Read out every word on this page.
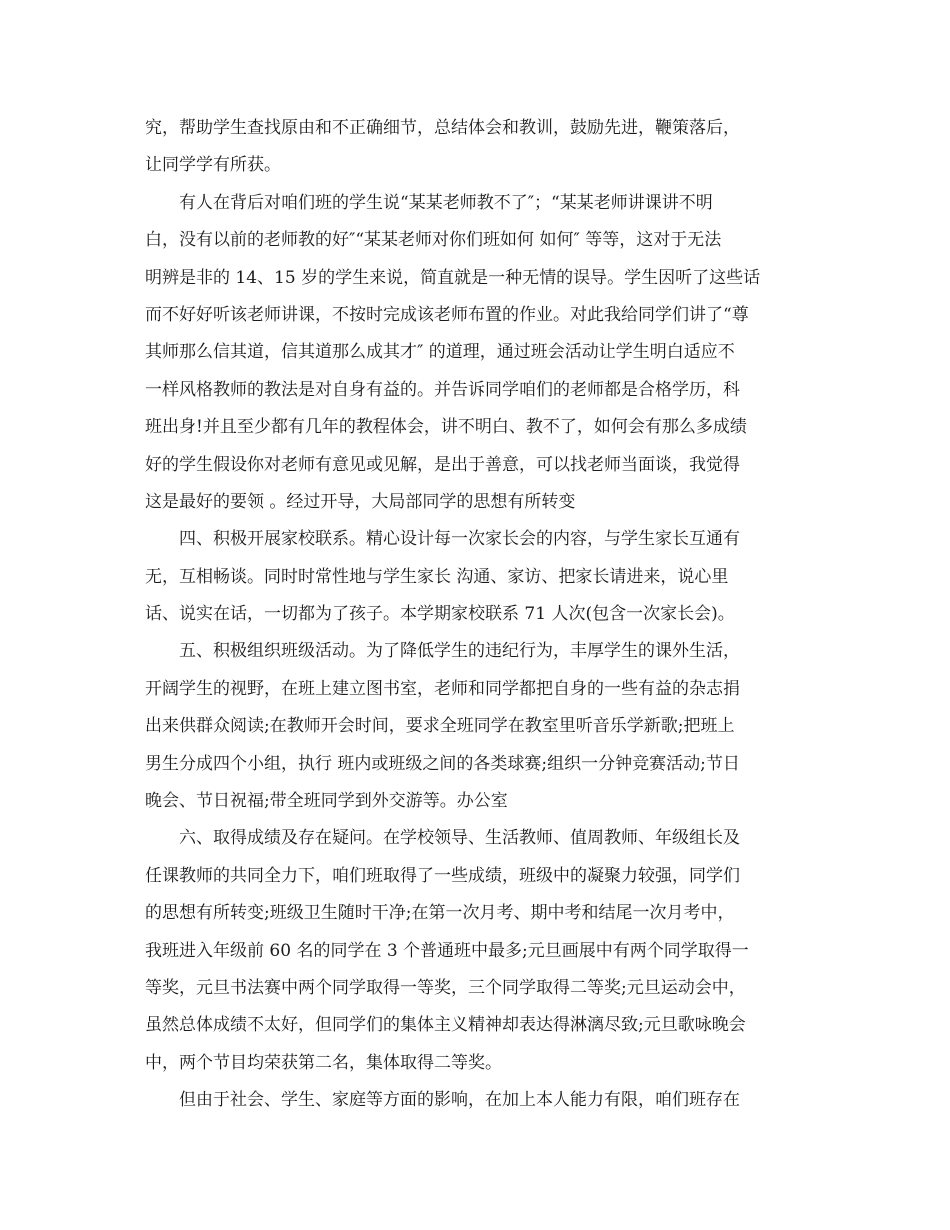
究，帮助学生查找原由和不正确细节，总结体会和教训，鼓励先进，鞭策落后，
让同学学有所获。
有人在背后对咱们班的学生说“某某老师教不了″；“某某老师讲课讲不明
白，没有以前的老师教的好″“某某老师对你们班如何 如何″ 等等，这对于无法
明辨是非的 14、15 岁的学生来说，简直就是一种无情的误导。学生因听了这些话
而不好好听该老师讲课，不按时完成该老师布置的作业。对此我给同学们讲了“尊
其师那么信其道，信其道那么成其才″ 的道理，通过班会活动让学生明白适应不
一样风格教师的教法是对自身有益的。并告诉同学咱们的老师都是合格学历，科
班出身!并且至少都有几年的教程体会，讲不明白、教不了，如何会有那么多成绩
好的学生假设你对老师有意见或见解，是出于善意，可以找老师当面谈，我觉得
这是最好的要领 。经过开导，大局部同学的思想有所转变
四、积极开展家校联系。精心设计每一次家长会的内容，与学生家长互通有
无，互相畅谈。同时时常性地与学生家长 沟通、家访、把家长请进来，说心里
话、说实在话，一切都为了孩子。本学期家校联系 71 人次(包含一次家长会)。
五、积极组织班级活动。为了降低学生的违纪行为，丰厚学生的课外生活，
开阔学生的视野，在班上建立图书室，老师和同学都把自身的一些有益的杂志捐
出来供群众阅读;在教师开会时间，要求全班同学在教室里听音乐学新歌;把班上
男生分成四个小组，执行 班内或班级之间的各类球赛;组织一分钟竞赛活动;节日
晚会、节日祝福;带全班同学到外交游等。办公室
六、取得成绩及存在疑问。在学校领导、生活教师、值周教师、年级组长及
任课教师的共同全力下，咱们班取得了一些成绩，班级中的凝聚力较强，同学们
的思想有所转变;班级卫生随时干净;在第一次月考、期中考和结尾一次月考中，
我班进入年级前 60 名的同学在 3 个普通班中最多;元旦画展中有两个同学取得一
等奖，元旦书法赛中两个同学取得一等奖，三个同学取得二等奖;元旦运动会中，
虽然总体成绩不太好，但同学们的集体主义精神却表达得淋漓尽致;元旦歌咏晚会
中，两个节目均荣获第二名，集体取得二等奖。
但由于社会、学生、家庭等方面的影响，在加上本人能力有限，咱们班存在
